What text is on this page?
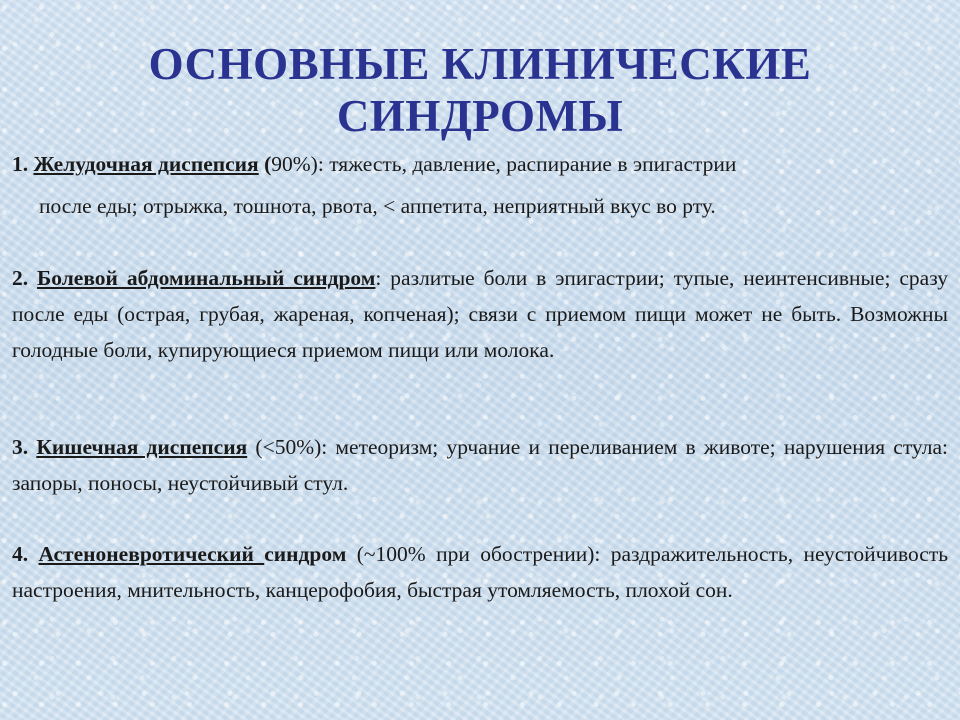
ОСНОВНЫЕ КЛИНИЧЕСКИЕ СИНДРОМЫ
1. Желудочная диспепсия (90%): тяжесть, давление, распирание в эпигастрии
после еды; отрыжка, тошнота, рвота, < аппетита, неприятный вкус во рту.
2. Болевой абдоминальный синдром: разлитые боли в эпигастрии; тупые, неинтенсивные; сразу после еды (острая, грубая, жареная, копченая); связи с приемом пищи может не быть. Возможны голодные боли, купирующиеся приемом пищи или молока.
3. Кишечная диспепсия (<50%): метеоризм; урчание и переливанием в животе; нарушения стула: запоры, поносы, неустойчивый стул.
4. Астеноневротический синдром (~100% при обострении): раздражительность, неустойчивость настроения, мнительность, канцерофобия, быстрая утомляемость, плохой сон.
